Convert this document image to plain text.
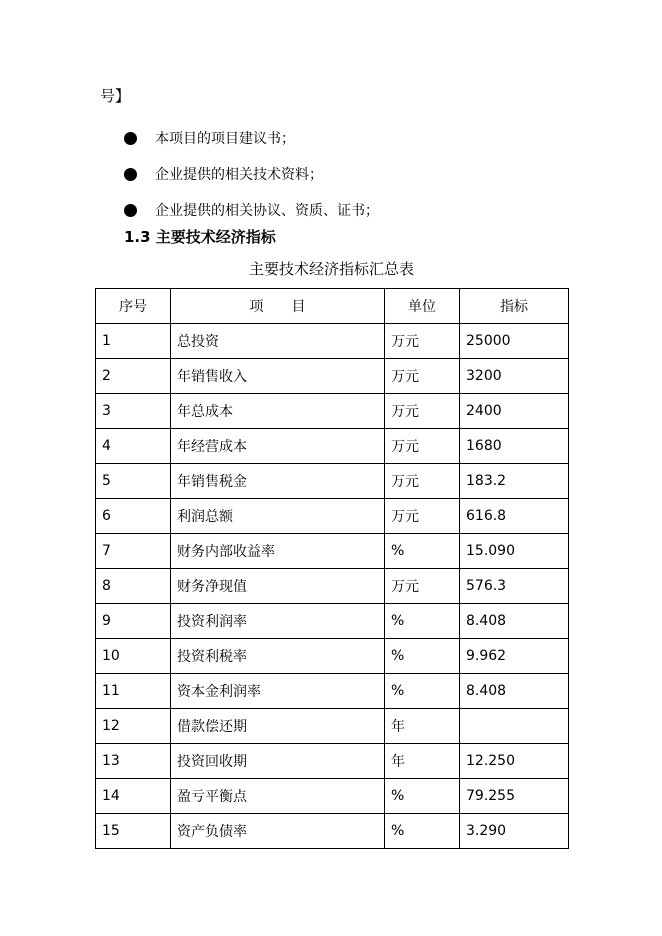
号】
本项目的项目建议书；
企业提供的相关技术资料；
企业提供的相关协议、资质、证书；
1.3 主要技术经济指标
主要技术经济指标汇总表
序号	项　　目	单位	指标
1	总投资	万元	25000
2	年销售收入	万元	3200
3	年总成本	万元	2400
4	年经营成本	万元	1680
5	年销售税金	万元	183.2
6	利润总额	万元	616.8
7	财务内部收益率	%	15.090
8	财务净现值	万元	576.3
9	投资利润率	%	8.408
10	投资利税率	%	9.962
11	资本金利润率	%	8.408
12	借款偿还期	年	
13	投资回收期	年	12.250
14	盈亏平衡点	%	79.255
15	资产负债率	%	3.290
